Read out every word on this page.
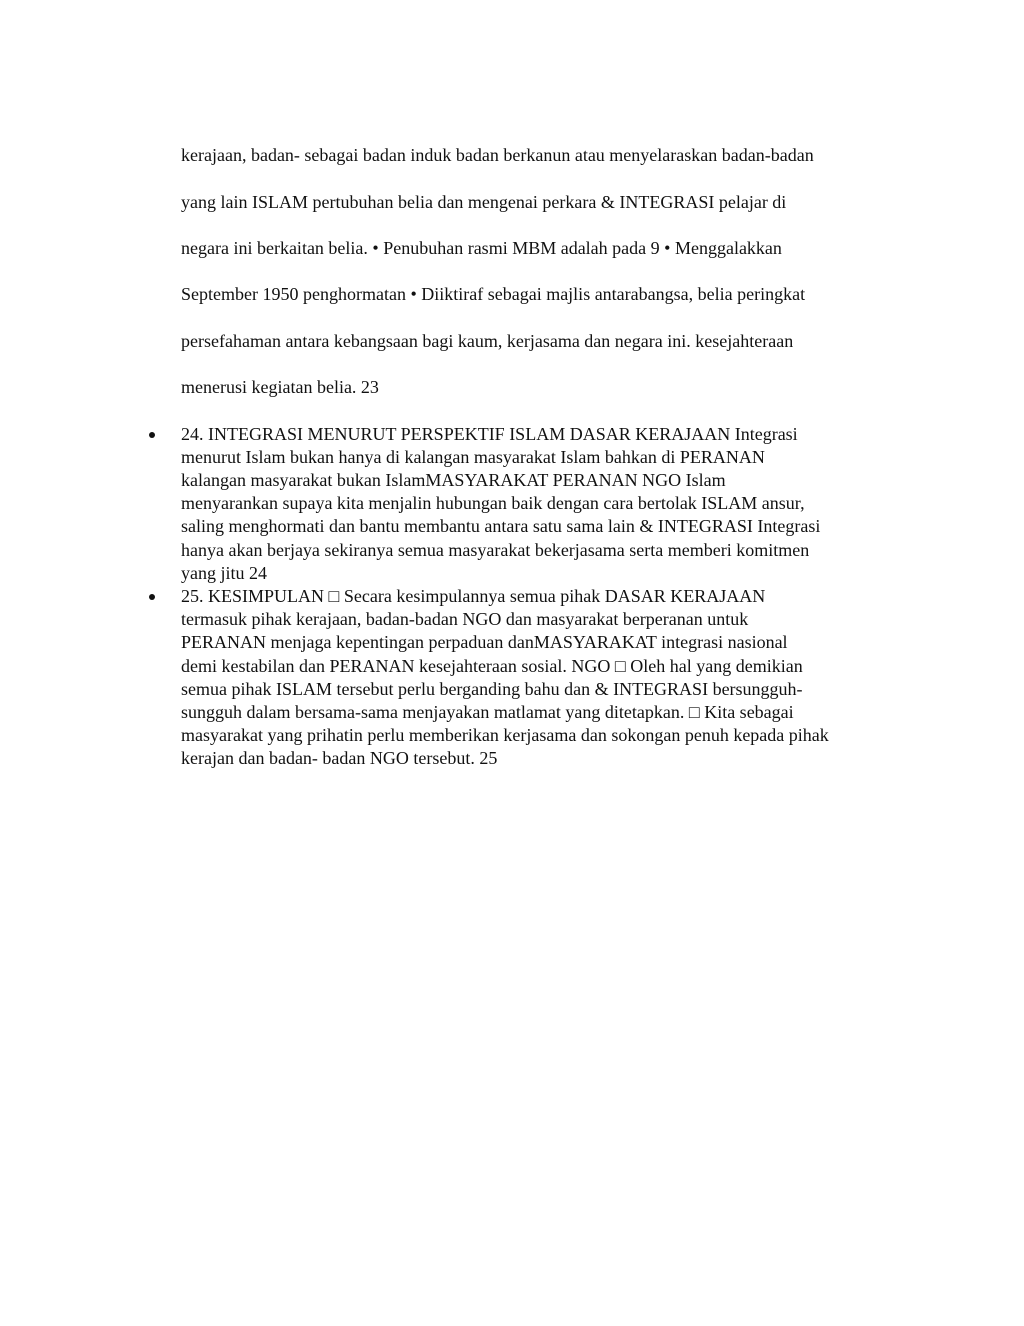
kerajaan, badan- sebagai badan induk badan berkanun atau menyelaraskan badan-badan

yang lain ISLAM pertubuhan belia dan mengenai perkara & INTEGRASI pelajar di

negara ini berkaitan belia. • Penubuhan rasmi MBM adalah pada 9 • Menggalakkan

September 1950 penghormatan • Diiktiraf sebagai majlis antarabangsa, belia peringkat

persefahaman antara kebangsaan bagi kaum, kerjasama dan negara ini. kesejahteraan

menerusi kegiatan belia. 23

24. INTEGRASI MENURUT PERSPEKTIF ISLAM DASAR KERAJAAN Integrasi
menurut Islam bukan hanya di kalangan masyarakat Islam bahkan di PERANAN
kalangan masyarakat bukan IslamMASYARAKAT PERANAN NGO Islam
menyarankan supaya kita menjalin hubungan baik dengan cara bertolak ISLAM ansur,
saling menghormati dan bantu membantu antara satu sama lain & INTEGRASI Integrasi
hanya akan berjaya sekiranya semua masyarakat bekerjasama serta memberi komitmen
yang jitu 24
25. KESIMPULAN □ Secara kesimpulannya semua pihak DASAR KERAJAAN
termasuk pihak kerajaan, badan-badan NGO dan masyarakat berperanan untuk
PERANAN menjaga kepentingan perpaduan danMASYARAKAT integrasi nasional
demi kestabilan dan PERANAN kesejahteraan sosial. NGO □ Oleh hal yang demikian
semua pihak ISLAM tersebut perlu berganding bahu dan & INTEGRASI bersungguh-
sungguh dalam bersama-sama menjayakan matlamat yang ditetapkan. □ Kita sebagai
masyarakat yang prihatin perlu memberikan kerjasama dan sokongan penuh kepada pihak
kerajan dan badan- badan NGO tersebut. 25
